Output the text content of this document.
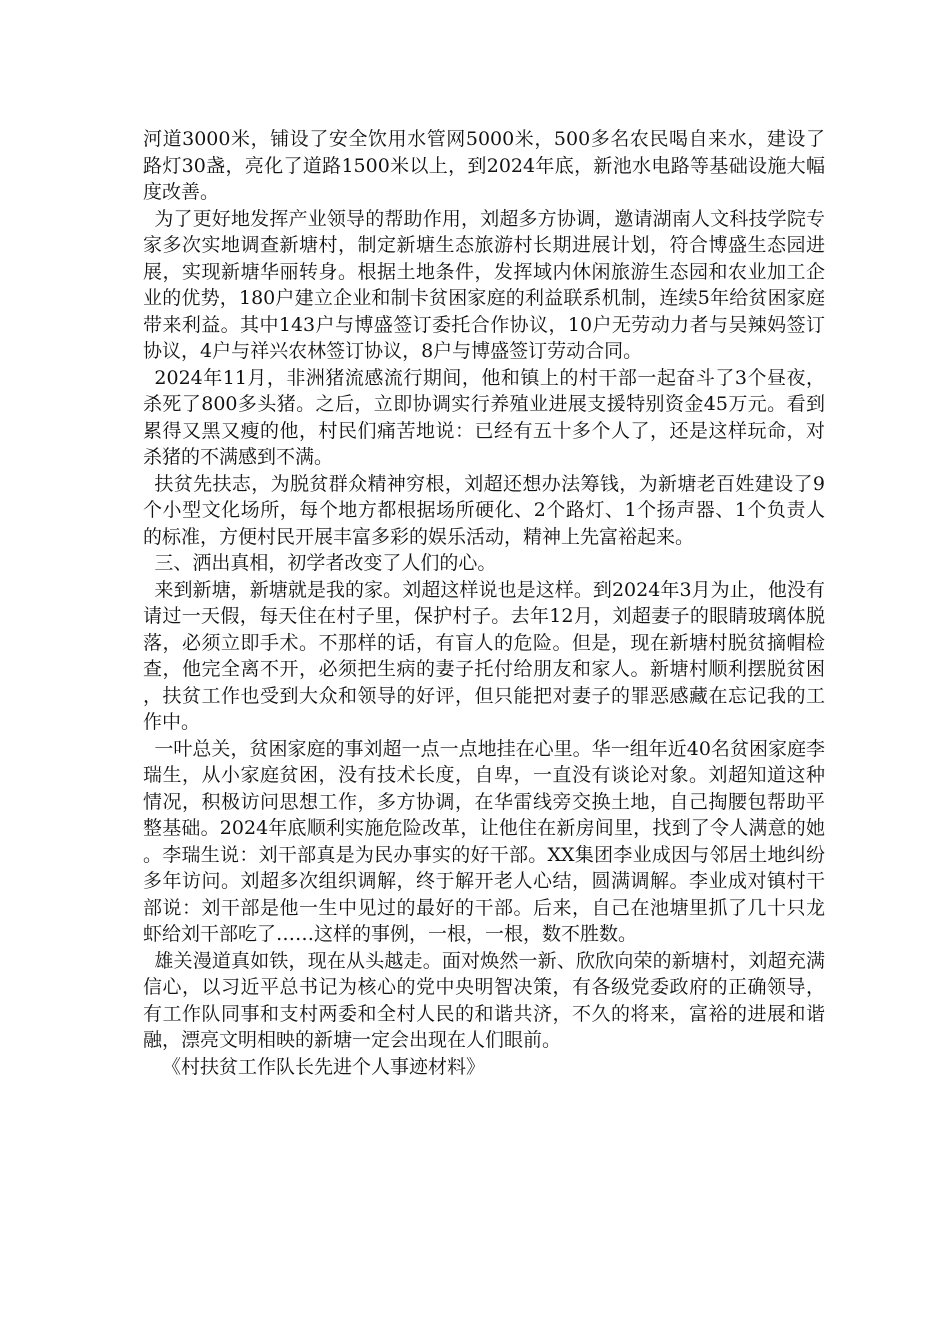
河道3000米，铺设了安全饮用水管网5000米，500多名农民喝自来水，建设了路灯30盏，亮化了道路1500米以上，到2024年底，新池水电路等基础设施大幅度改善。

为了更好地发挥产业领导的帮助作用，刘超多方协调，邀请湖南人文科技学院专家多次实地调查新塘村，制定新塘生态旅游村长期进展计划，符合博盛生态园进展，实现新塘华丽转身。根据土地条件，发挥域内休闲旅游生态园和农业加工企业的优势，180户建立企业和制卡贫困家庭的利益联系机制，连续5年给贫困家庭带来利益。其中143户与博盛签订委托合作协议，10户无劳动力者与吴辣妈签订协议，4户与祥兴农林签订协议，8户与博盛签订劳动合同。

2024年11月，非洲猪流感流行期间，他和镇上的村干部一起奋斗了3个昼夜，杀死了800多头猪。之后，立即协调实行养殖业进展支援特别资金45万元。看到累得又黑又瘦的他，村民们痛苦地说：已经有五十多个人了，还是这样玩命，对杀猪的不满感到不满。

扶贫先扶志，为脱贫群众精神穷根，刘超还想办法筹钱，为新塘老百姓建设了9个小型文化场所，每个地方都根据场所硬化、2个路灯、1个扬声器、1个负责人的标准，方便村民开展丰富多彩的娱乐活动，精神上先富裕起来。

三、洒出真相，初学者改变了人们的心。

来到新塘，新塘就是我的家。刘超这样说也是这样。到2024年3月为止，他没有请过一天假，每天住在村子里，保护村子。去年12月，刘超妻子的眼睛玻璃体脱落，必须立即手术。不那样的话，有盲人的危险。但是，现在新塘村脱贫摘帽检查，他完全离不开，必须把生病的妻子托付给朋友和家人。新塘村顺利摆脱贫困，扶贫工作也受到大众和领导的好评，但只能把对妻子的罪恶感藏在忘记我的工作中。

一叶总关，贫困家庭的事刘超一点一点地挂在心里。华一组年近40名贫困家庭李瑞生，从小家庭贫困，没有技术长度，自卑，一直没有谈论对象。刘超知道这种情况，积极访问思想工作，多方协调，在华雷线旁交换土地，自己掏腰包帮助平整基础。2024年底顺利实施危险改革，让他住在新房间里，找到了令人满意的她。李瑞生说：刘干部真是为民办事实的好干部。XX集团李业成因与邻居土地纠纷多年访问。刘超多次组织调解，终于解开老人心结，圆满调解。李业成对镇村干部说：刘干部是他一生中见过的最好的干部。后来，自己在池塘里抓了几十只龙虾给刘干部吃了……这样的事例，一根，一根，数不胜数。

雄关漫道真如铁，现在从头越走。面对焕然一新、欣欣向荣的新塘村，刘超充满信心，以习近平总书记为核心的党中央明智决策，有各级党委政府的正确领导，有工作队同事和支村两委和全村人民的和谐共济，不久的将来，富裕的进展和谐融，漂亮文明相映的新塘一定会出现在人们眼前。

《村扶贫工作队长先进个人事迹材料》
